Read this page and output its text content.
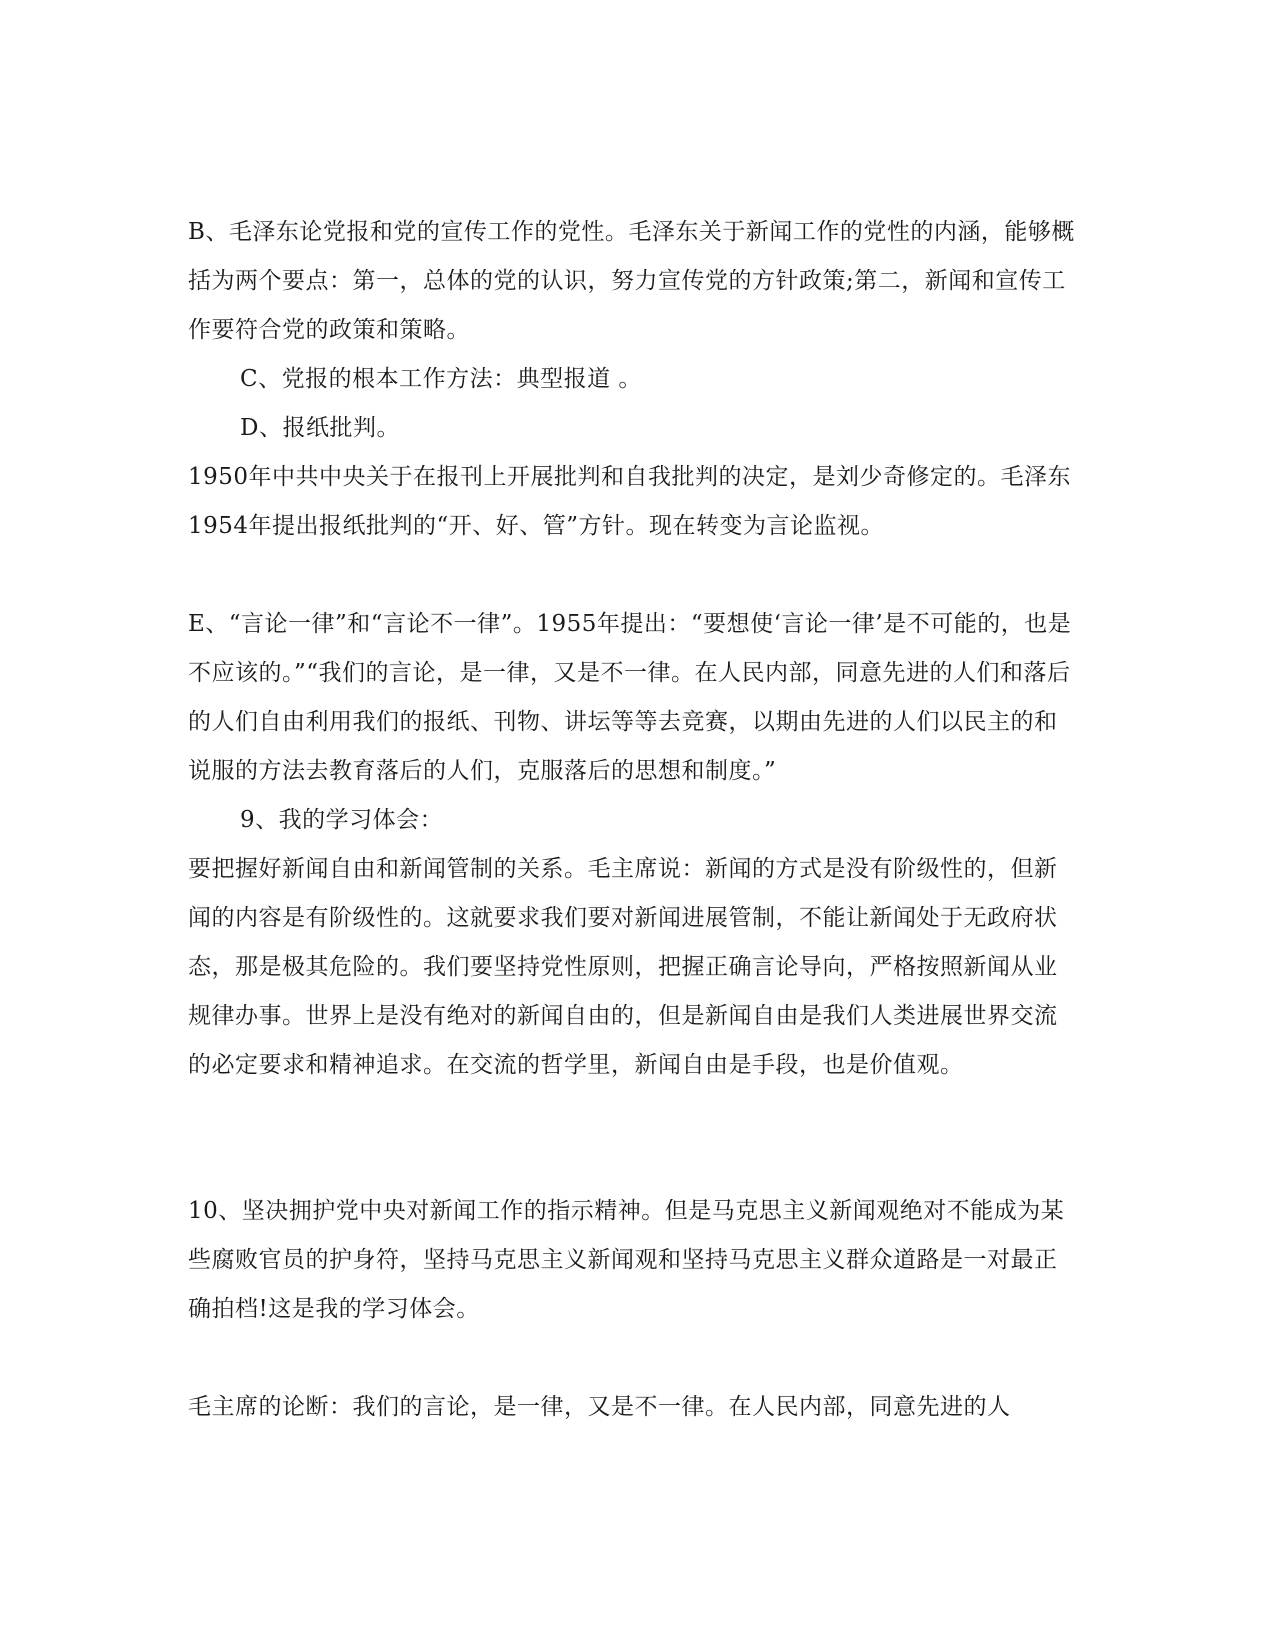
B、毛泽东论党报和党的宣传工作的党性。毛泽东关于新闻工作的党性的内涵，能够概括为两个要点：第一，总体的党的认识，努力宣传党的方针政策;第二，新闻和宣传工作要符合党的政策和策略。
C、党报的根本工作方法：典型报道 。
D、报纸批判。
1950年中共中央关于在报刊上开展批判和自我批判的决定，是刘少奇修定的。毛泽东1954年提出报纸批判的“开、好、管”方针。现在转变为言论监视。
E、“言论一律”和“言论不一律”。1955年提出：“要想使‘言论一律’是不可能的，也是不应该的。”“我们的言论，是一律，又是不一律。在人民内部，同意先进的人们和落后的人们自由利用我们的报纸、刊物、讲坛等等去竞赛，以期由先进的人们以民主的和说服的方法去教育落后的人们，克服落后的思想和制度。”
9、我的学习体会：
要把握好新闻自由和新闻管制的关系。毛主席说：新闻的方式是没有阶级性的，但新闻的内容是有阶级性的。这就要求我们要对新闻进展管制，不能让新闻处于无政府状态，那是极其危险的。我们要坚持党性原则，把握正确言论导向，严格按照新闻从业规律办事。世界上是没有绝对的新闻自由的，但是新闻自由是我们人类进展世界交流的必定要求和精神追求。在交流的哲学里，新闻自由是手段，也是价值观。
10、坚决拥护党中央对新闻工作的指示精神。但是马克思主义新闻观绝对不能成为某些腐败官员的护身符，坚持马克思主义新闻观和坚持马克思主义群众道路是一对最正确拍档!这是我的学习体会。
毛主席的论断：我们的言论，是一律，又是不一律。在人民内部，同意先进的人
